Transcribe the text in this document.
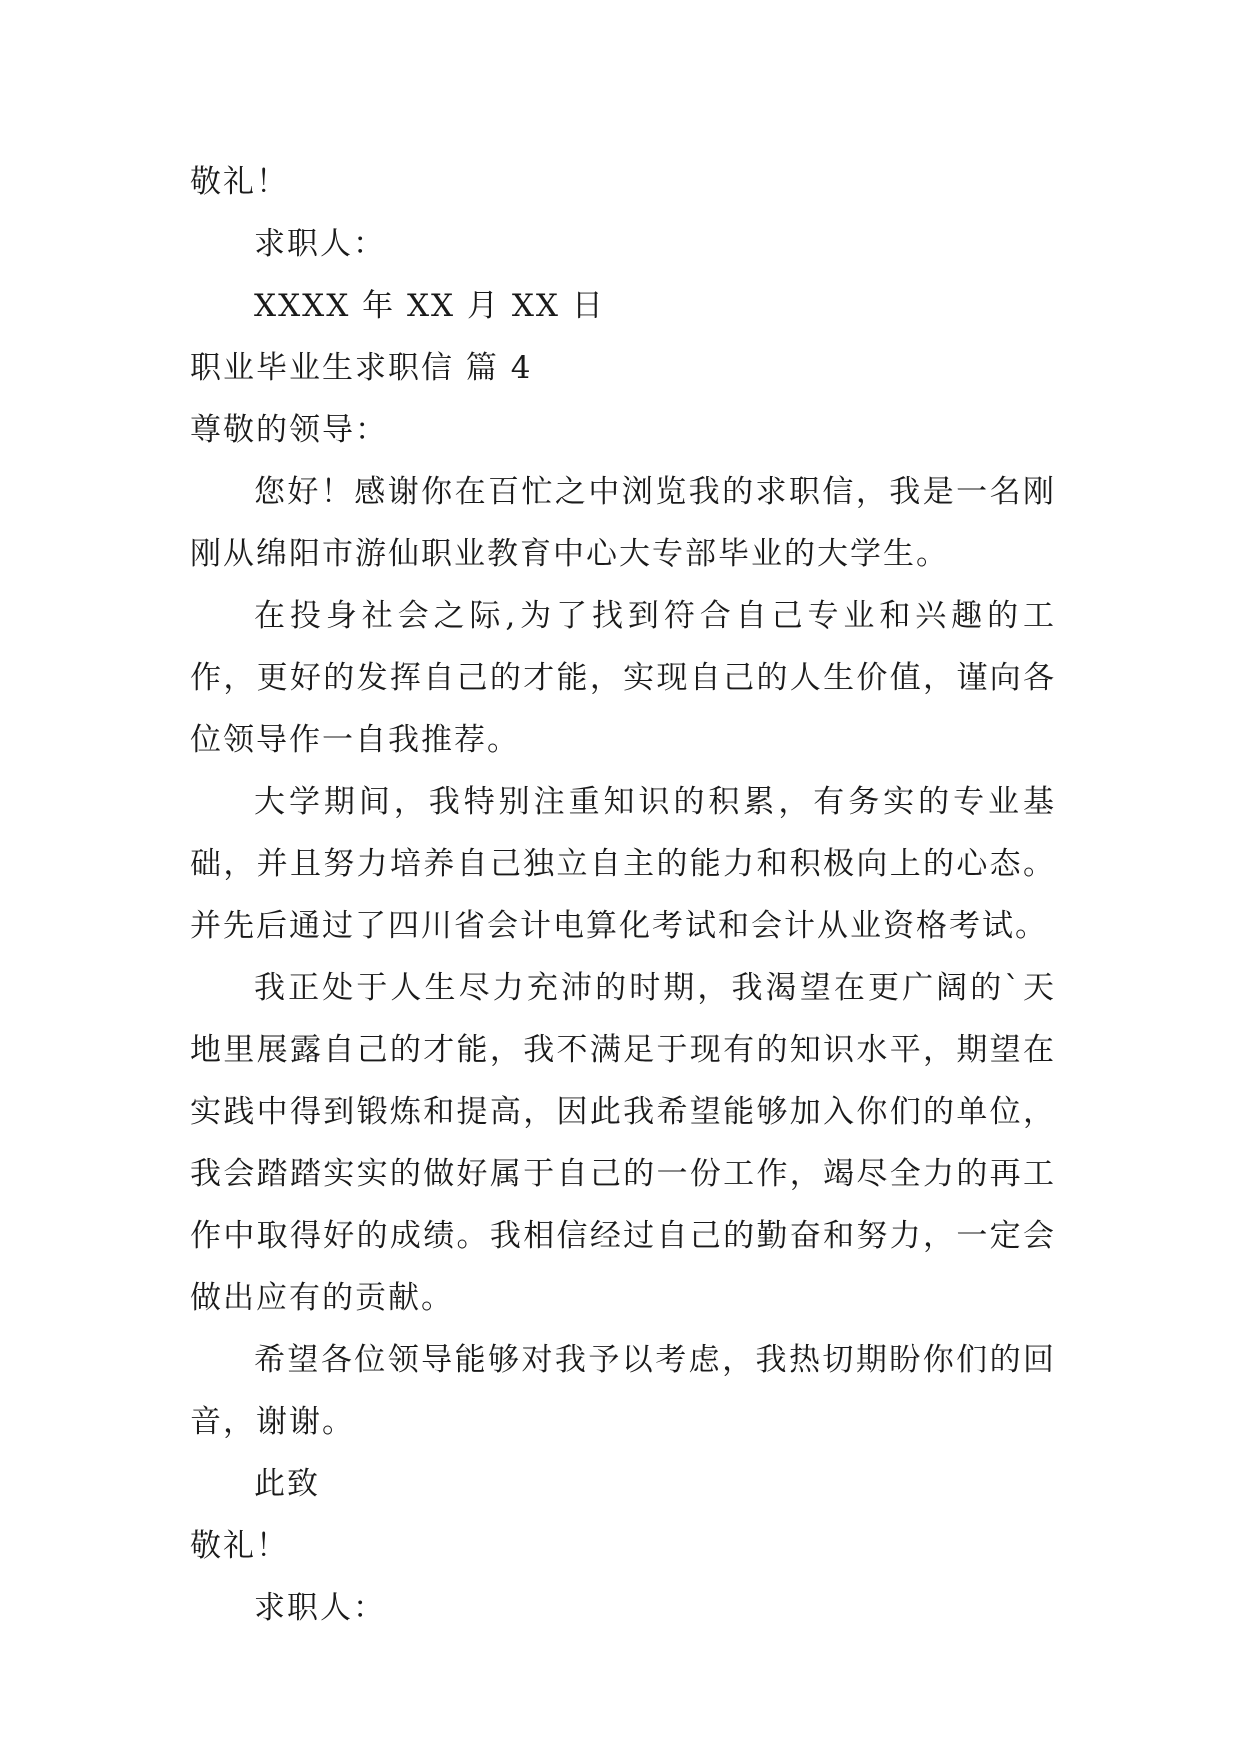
敬礼！
求职人：
XXXX 年 XX 月 XX 日
职业毕业生求职信 篇 4
尊敬的领导：
您好！感谢你在百忙之中浏览我的求职信，我是一名刚刚从绵阳市游仙职业教育中心大专部毕业的大学生。
在投身社会之际,为了找到符合自己专业和兴趣的工作，更好的发挥自己的才能，实现自己的人生价值，谨向各位领导作一自我推荐。
大学期间，我特别注重知识的积累，有务实的专业基础，并且努力培养自己独立自主的能力和积极向上的心态。并先后通过了四川省会计电算化考试和会计从业资格考试。
我正处于人生尽力充沛的时期，我渴望在更广阔的`天地里展露自己的才能，我不满足于现有的知识水平，期望在实践中得到锻炼和提高，因此我希望能够加入你们的单位，我会踏踏实实的做好属于自己的一份工作，竭尽全力的再工作中取得好的成绩。我相信经过自己的勤奋和努力，一定会做出应有的贡献。
希望各位领导能够对我予以考虑，我热切期盼你们的回音，谢谢。
此致
敬礼！
求职人：
